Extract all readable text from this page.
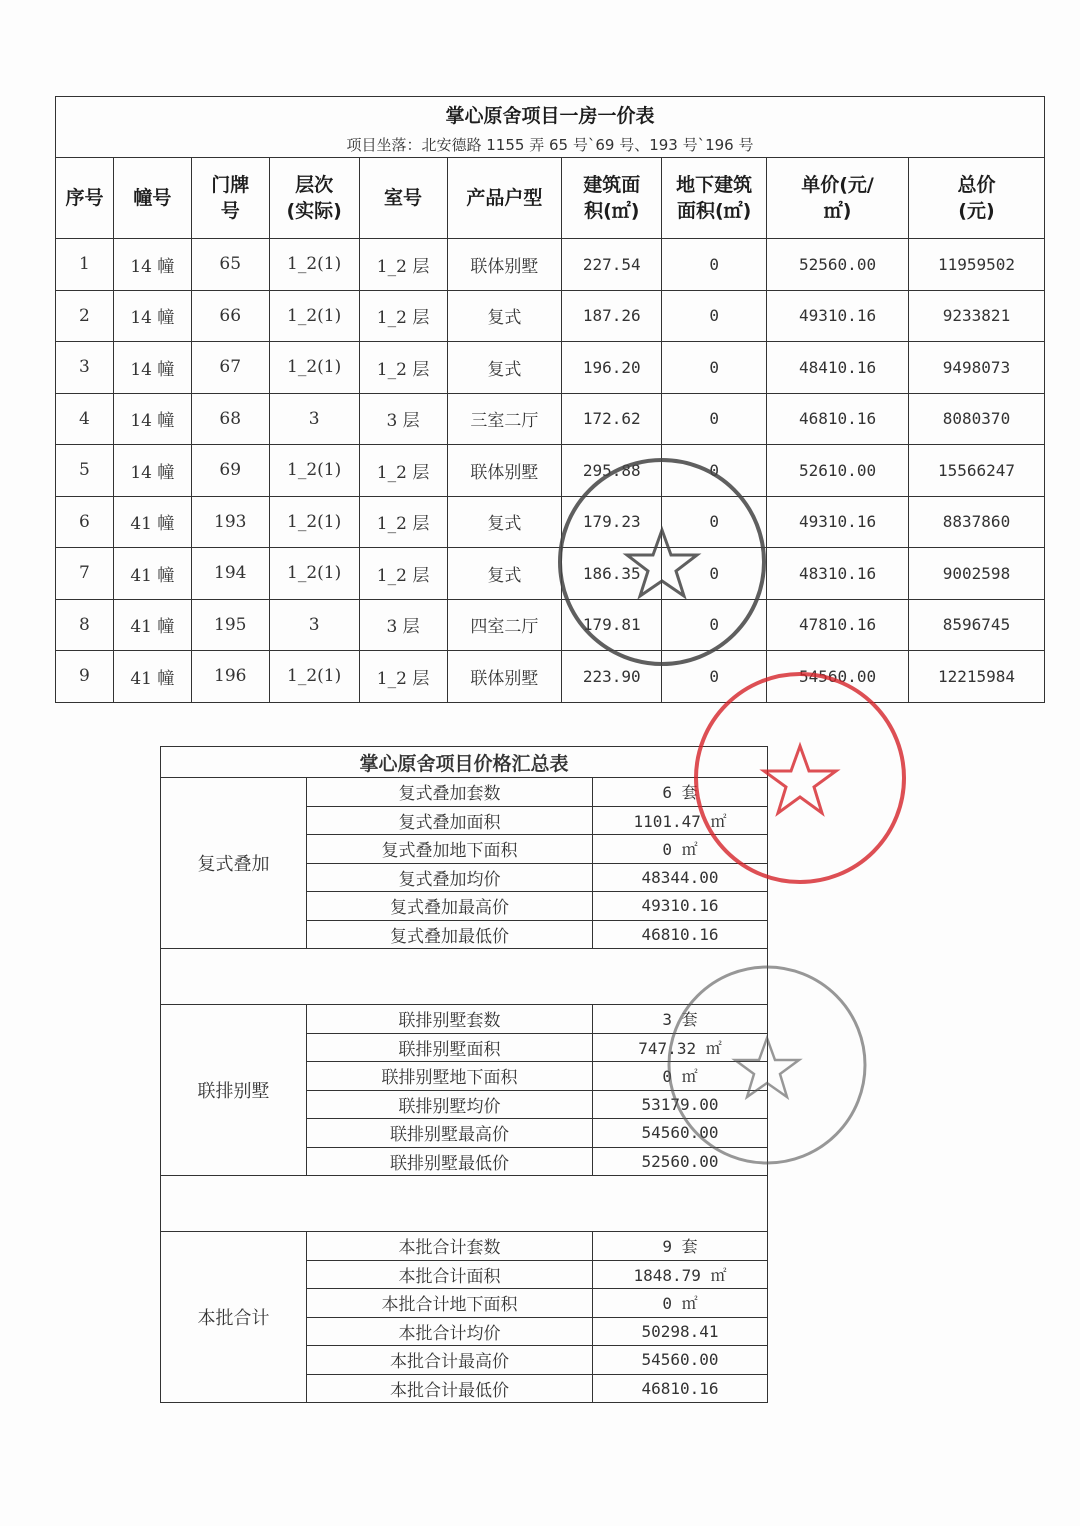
掌心原舍项目一房一价表									
项目坐落：北安德路 1155 弄 65 号`69 号、193 号`196 号									
序号	幢号	门牌号	层次(实际)	室号	产品户型	建筑面积(㎡)	地下建筑面积(㎡)	单价(元/㎡)	总价(元)
1	14 幢	65	1_2(1)	1_2 层	联体别墅	227.54	0	52560.00	11959502
2	14 幢	66	1_2(1)	1_2 层	复式	187.26	0	49310.16	9233821
3	14 幢	67	1_2(1)	1_2 层	复式	196.20	0	48410.16	9498073
4	14 幢	68	3	3 层	三室二厅	172.62	0	46810.16	8080370
5	14 幢	69	1_2(1)	1_2 层	联体别墅	295.88	0	52610.00	15566247
6	41 幢	193	1_2(1)	1_2 层	复式	179.23	0	49310.16	8837860
7	41 幢	194	1_2(1)	1_2 层	复式	186.35	0	48310.16	9002598
8	41 幢	195	3	3 层	四室二厅	179.81	0	47810.16	8596745
9	41 幢	196	1_2(1)	1_2 层	联体别墅	223.90	0	54560.00	12215984
掌心原舍项目价格汇总表		
复式叠加	复式叠加套数	6 套
	复式叠加面积	1101.47 ㎡
	复式叠加地下面积	0 ㎡
	复式叠加均价	48344.00
	复式叠加最高价	49310.16
	复式叠加最低价	46810.16

联排别墅	联排别墅套数	3 套
	联排别墅面积	747.32 ㎡
	联排别墅地下面积	0 ㎡
	联排别墅均价	53179.00
	联排别墅最高价	54560.00
	联排别墅最低价	52560.00

本批合计	本批合计套数	9 套
	本批合计面积	1848.79 ㎡
	本批合计地下面积	0 ㎡
	本批合计均价	50298.41
	本批合计最高价	54560.00
	本批合计最低价	46810.16
